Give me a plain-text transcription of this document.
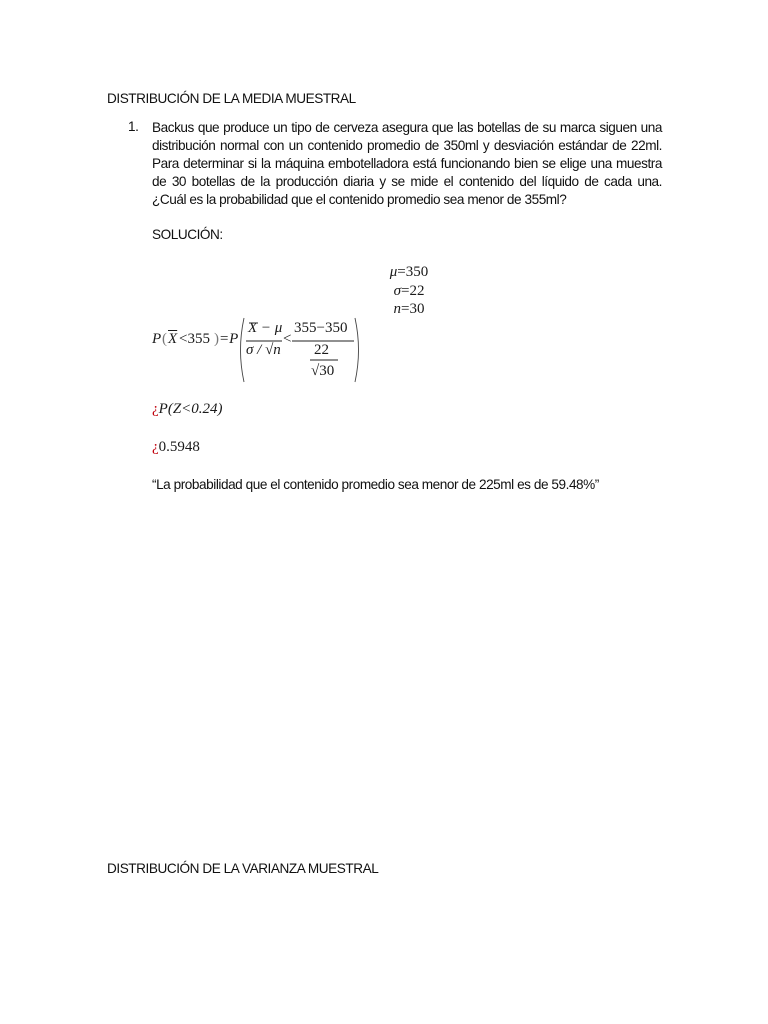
DISTRIBUCIÓN DE LA MEDIA MUESTRAL
1. Backus que produce un tipo de cerveza asegura que las botellas de su marca siguen una distribución normal con un contenido promedio de 350ml y desviación estándar de 22ml. Para determinar si la máquina embotelladora está funcionando bien se elige una muestra de 30 botellas de la producción diaria y se mide el contenido del líquido de cada una. ¿Cuál es la probabilidad que el contenido promedio sea menor de 355ml?
SOLUCIÓN:
μ=350
σ=22
n=30
P ( $\overline{X} <355$ ) =P
X − μ
σ / √n
<
355−350
22
√30
¿P(Z<0.24)
¿0.5948
“La probabilidad que el contenido promedio sea menor de 225ml es de 59.48%”
DISTRIBUCIÓN DE LA VARIANZA MUESTRAL
